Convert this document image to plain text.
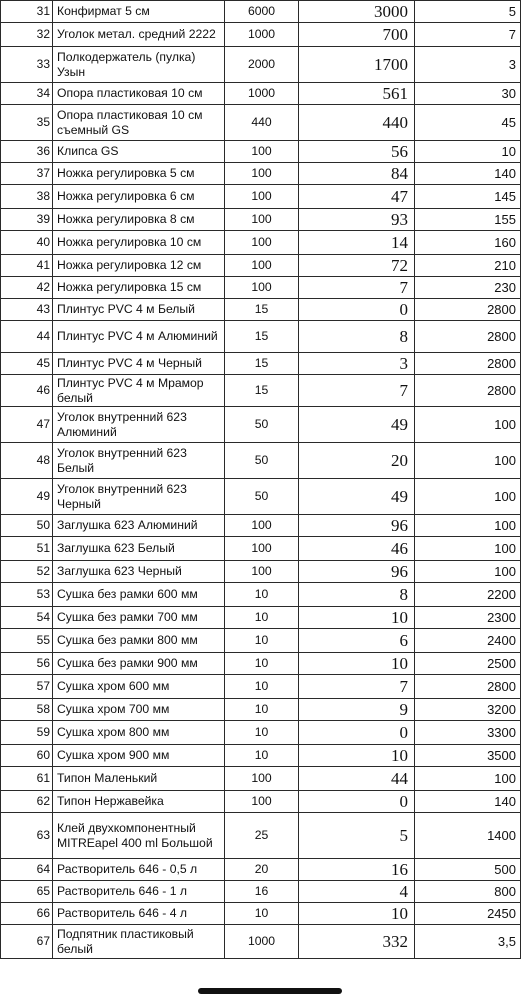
31	Конфирмат 5 см	6000	3000	5
32	Уголок метал. средний 2222	1000	700	7
33	Полкодержатель (пулка) Узын	2000	1700	3
34	Опора пластиковая 10 см	1000	561	30
35	Опора пластиковая 10 см съемный GS	440	440	45
36	Клипса GS	100	56	10
37	Ножка регулировка 5 см	100	84	140
38	Ножка регулировка 6 см	100	47	145
39	Ножка регулировка 8 см	100	93	155
40	Ножка регулировка 10 см	100	14	160
41	Ножка регулировка 12 см	100	72	210
42	Ножка регулировка 15 см	100	7	230
43	Плинтус PVC 4 м Белый	15	0	2800
44	Плинтус PVC 4 м Алюминий	15	8	2800
45	Плинтус PVC 4 м Черный	15	3	2800
46	Плинтус PVC 4 м Мрамор белый	15	7	2800
47	Уголок внутренний 623 Алюминий	50	49	100
48	Уголок внутренний 623 Белый	50	20	100
49	Уголок внутренний 623 Черный	50	49	100
50	Заглушка 623 Алюминий	100	96	100
51	Заглушка 623 Белый	100	46	100
52	Заглушка 623 Черный	100	96	100
53	Сушка без рамки 600 мм	10	8	2200
54	Сушка без рамки 700 мм	10	10	2300
55	Сушка без рамки 800 мм	10	6	2400
56	Сушка без рамки 900 мм	10	10	2500
57	Сушка хром 600 мм	10	7	2800
58	Сушка хром 700 мм	10	9	3200
59	Сушка хром 800 мм	10	0	3300
60	Сушка хром 900 мм	10	10	3500
61	Типон Маленький	100	44	100
62	Типон Нержавейка	100	0	140
63	Клей двухкомпонентный MITREapel 400 ml Большой	25	5	1400
64	Растворитель 646 - 0,5 л	20	16	500
65	Растворитель 646 - 1 л	16	4	800
66	Растворитель 646 - 4 л	10	10	2450
67	Подпятник пластиковый белый	1000	332	3,5
